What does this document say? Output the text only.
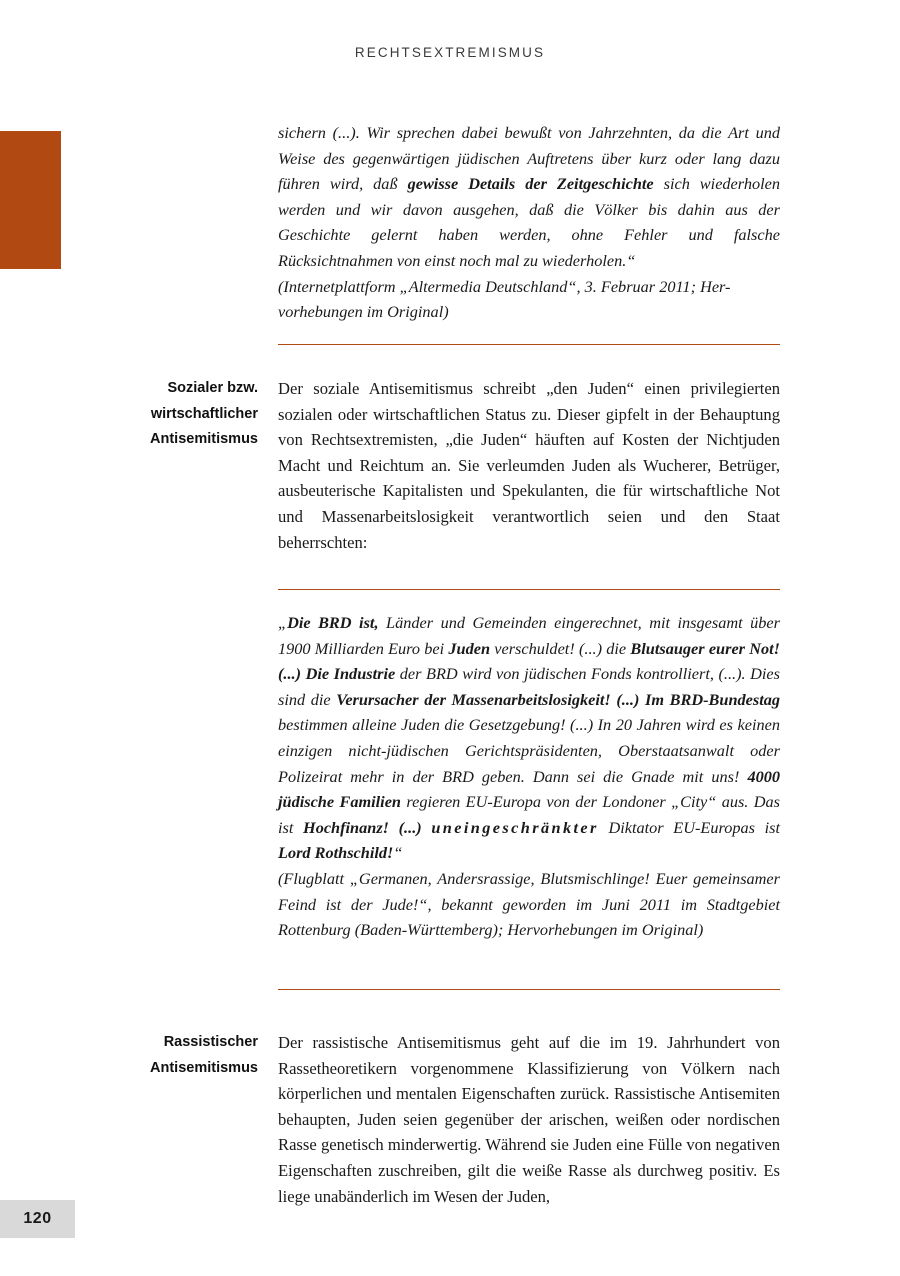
RECHTSEXTREMISMUS

sichern (...). Wir sprechen dabei bewußt von Jahrzehnten, da die Art und Weise des gegenwärtigen jüdischen Auftretens über kurz oder lang dazu führen wird, daß gewisse Details der Zeitgeschichte sich wiederholen werden und wir davon ausgehen, daß die Völker bis dahin aus der Geschichte gelernt haben werden, ohne Fehler und falsche Rücksichtnahmen von einst noch mal zu wiederholen.“

(Internetplattform „Altermedia Deutschland“, 3. Februar 2011; Her-

vorhebungen im Original)

Sozialer bzw. wirtschaftlicher Antisemitismus

Der soziale Antisemitismus schreibt „den Juden“ einen privilegierten sozialen oder wirtschaftlichen Status zu. Dieser gipfelt in der Behauptung von Rechtsextremisten, „die Juden“ häuften auf Kosten der Nichtjuden Macht und Reichtum an. Sie verleumden Juden als Wucherer, Betrüger, ausbeuterische Kapitalisten und Spekulanten, die für wirtschaftliche Not und Massenarbeitslosigkeit verantwortlich seien und den Staat beherrschten:

„Die BRD ist, Länder und Gemeinden eingerechnet, mit insgesamt über 1900 Milliarden Euro bei Juden verschuldet! (...) die Blutsauger eurer Not! (...) Die Industrie der BRD wird von jüdischen Fonds kontrolliert, (...). Dies sind die Verursacher der Massenarbeitslosigkeit! (...) Im BRD-Bundestag bestimmen alleine Juden die Gesetzgebung! (...) In 20 Jahren wird es keinen einzigen nicht-jüdischen Gerichtspräsidenten, Oberstaatsanwalt oder Polizeirat mehr in der BRD geben. Dann sei die Gnade mit uns! 4000 jüdische Familien regieren EU-Europa von der Londoner „City“ aus. Das ist Hochfinanz! (...) uneingeschränkter Diktator EU-Europas ist Lord Rothschild!“

(Flugblatt „Germanen, Andersrassige, Blutsmischlinge! Euer gemeinsamer Feind ist der Jude!“, bekannt geworden im Juni 2011 im Stadtgebiet Rottenburg (Baden-Württemberg); Hervorhebungen im Original)

Rassistischer Antisemitismus

Der rassistische Antisemitismus geht auf die im 19. Jahrhundert von Rassetheoretikern vorgenommene Klassifizierung von Völkern nach körperlichen und mentalen Eigenschaften zurück. Rassistische Antisemiten behaupten, Juden seien gegenüber der arischen, weißen oder nordischen Rasse genetisch minderwertig. Während sie Juden eine Fülle von negativen Eigenschaften zuschreiben, gilt die weiße Rasse als durchweg positiv. Es liege unabänderlich im Wesen der Juden,

120
